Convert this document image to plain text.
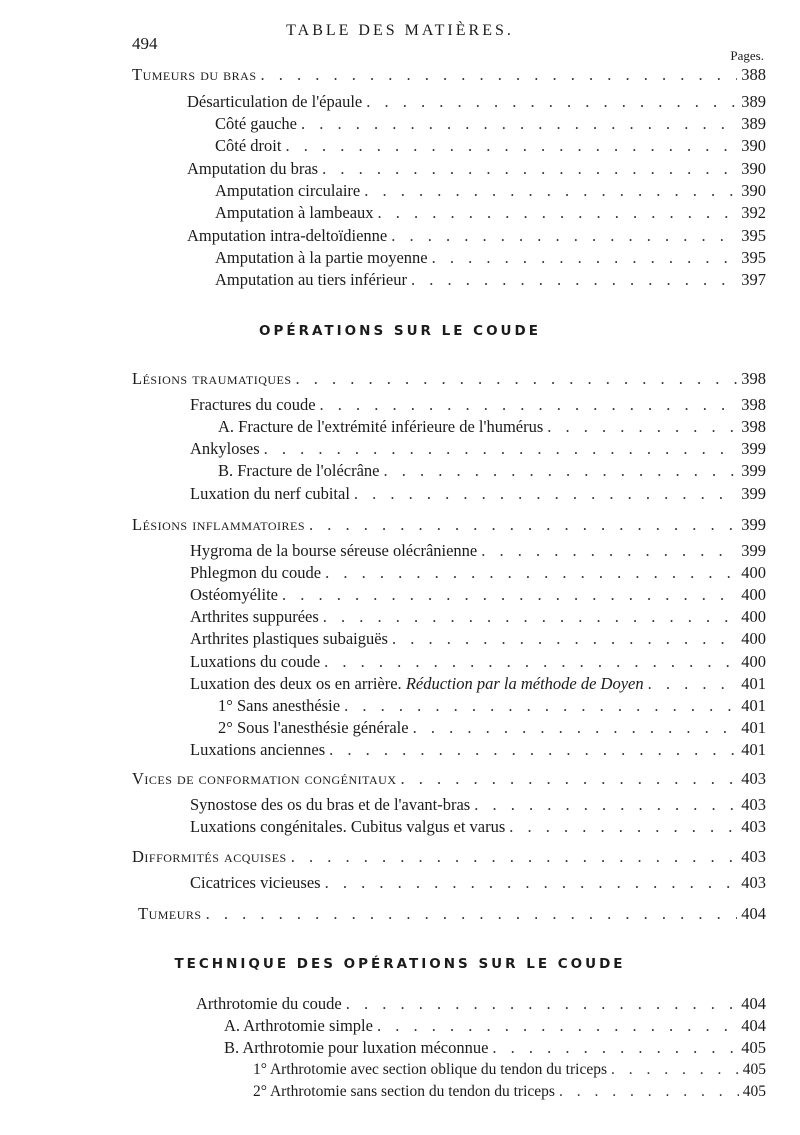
494
TABLE DES MATIÈRES.
Pages.
Tumeurs du bras . . .	388
Désarticulation de l'épaule . . .	389
Côté gauche . . .	389
Côté droit . . .	390
Amputation du bras . . .	390
Amputation circulaire . . .	390
Amputation à lambeaux . . .	392
Amputation intra-deltoïdienne . . .	395
Amputation à la partie moyenne . . .	395
Amputation au tiers inférieur . . .	397
OPÉRATIONS SUR LE COUDE
Lésions traumatiques . . .	398
Fractures du coude . . .	398
A. Fracture de l'extrémité inférieure de l'humérus . . .	398
Ankyloses . . .	399
B. Fracture de l'olécrâne . . .	399
Luxation du nerf cubital . . .	399
Lésions inflammatoires . . .	399
Hygroma de la bourse séreuse olécrânienne . . .	399
Phlegmon du coude . . .	400
Ostéomyélite . . .	400
Arthrites suppurées . . .	400
Arthrites plastiques subaiguës . . .	400
Luxations du coude . . .	400
Luxation des deux os en arrière. Réduction par la méthode de Doyen . . .	401
1° Sans anesthésie . . .	401
2° Sous l'anesthésie générale . . .	401
Luxations anciennes . . .	401
Vices de conformation congénitaux . . .	403
Synostose des os du bras et de l'avant-bras . . .	403
Luxations congénitales. Cubitus valgus et varus . . .	403
Difformités acquises . . .	403
Cicatrices vicieuses . . .	403
Tumeurs . . .	404
TECHNIQUE DES OPÉRATIONS SUR LE COUDE
Arthrotomie du coude . . .	404
A. Arthrotomie simple . . .	404
B. Arthrotomie pour luxation méconnue . . .	405
1° Arthrotomie avec section oblique du tendon du triceps . . .	405
2° Arthrotomie sans section du tendon du triceps . . .	405
